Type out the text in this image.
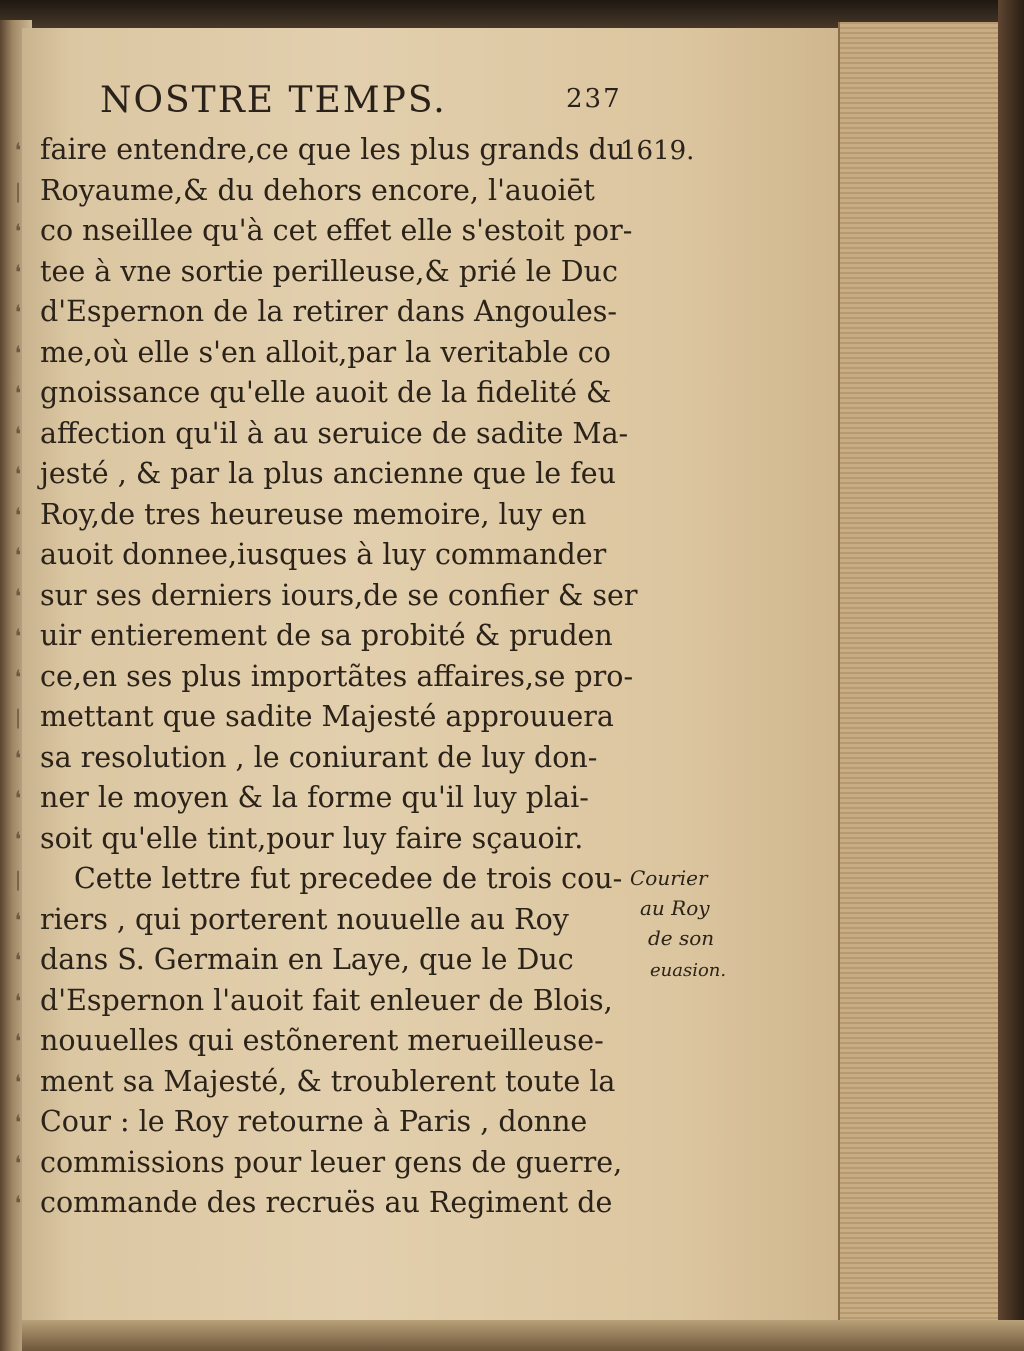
❛
|
❛
❛
❛
❛
❛
❛
❛
❛
❛
❛
❛
❛
|
❛
❛
❛
|
❛
❛
❛
❛
❛
❛
❛
❛
NOSTRE TEMPS.	237
1619.
Courier
au Roy
de son
euasion.
faire entendre,ce que les plus grands du
Royaume,& du dehors encore, l'auoiēt
co nseillee qu'à cet effet elle s'estoit por-
tee à vne sortie perilleuse,& prié le Duc
d'Espernon de la retirer dans Angoules-
me,où elle s'en alloit,par la veritable co
gnoissance qu'elle auoit de la fidelité &
affection qu'il à au seruice de sadite Ma-
jesté , & par la plus ancienne que le feu
Roy,de tres heureuse memoire, luy en
auoit donnee,iusques à luy commander
sur ses derniers iours,de se confier & ser
uir entierement de sa probité & pruden
ce,en ses plus importãtes affaires,se pro-
mettant que sadite Majesté approuuera
sa resolution , le coniurant de luy don-
ner le moyen & la forme qu'il luy plai-
soit qu'elle tint,pour luy faire sçauoir.
Cette lettre fut precedee de trois cou-
riers , qui porterent nouuelle au Roy
dans S. Germain en Laye, que le Duc
d'Espernon l'auoit fait enleuer de Blois,
nouuelles qui estõnerent merueilleuse-
ment sa Majesté, & troublerent toute la
Cour : le Roy retourne à Paris , donne
commissions pour leuer gens de guerre,
commande des recruës au Regiment de
